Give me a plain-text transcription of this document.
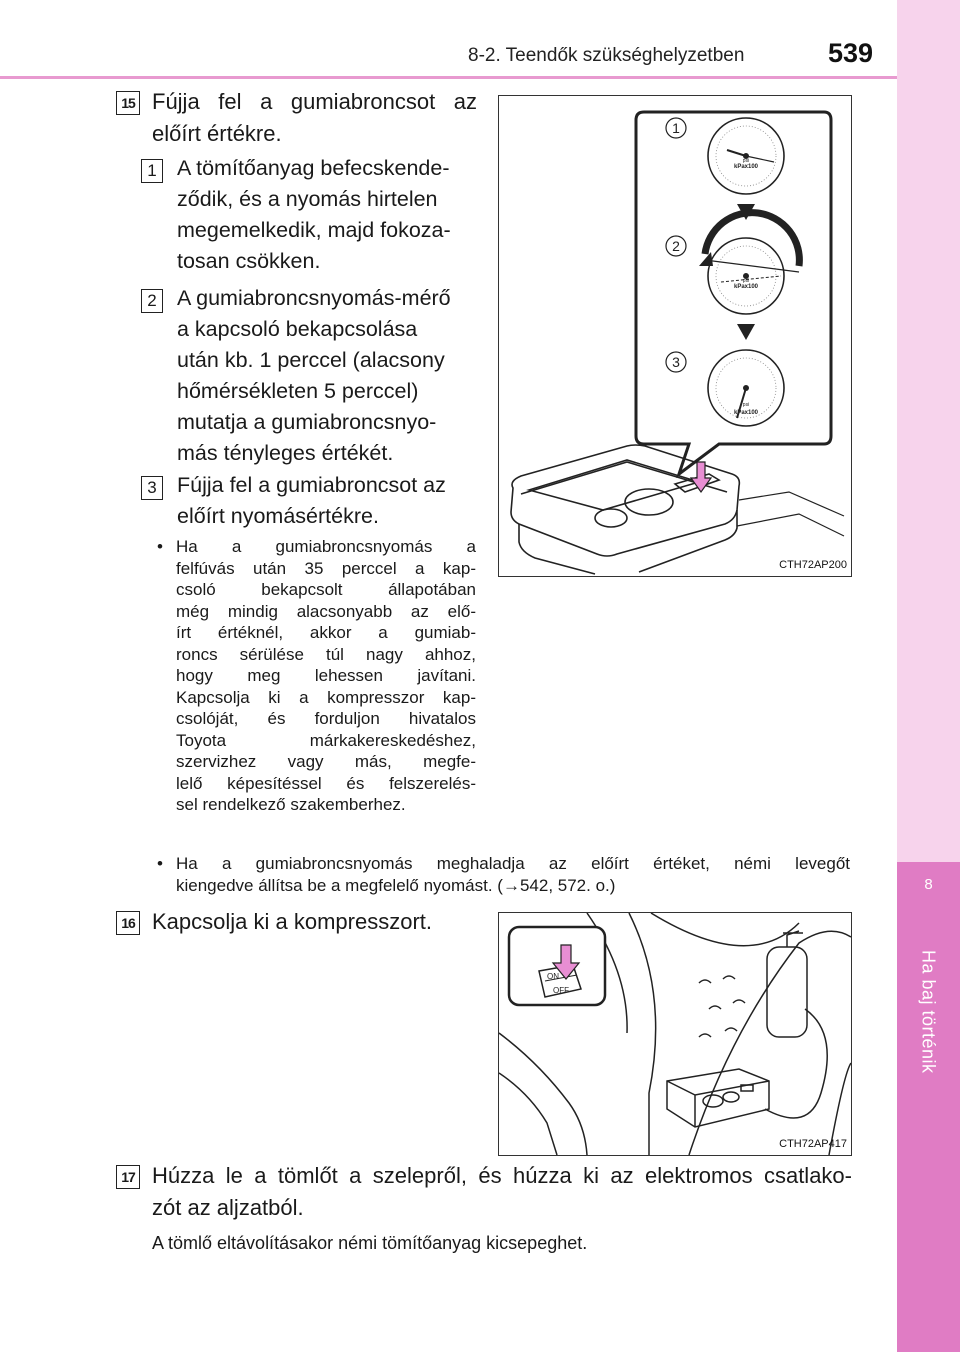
8-2. Teendők szükséghelyzetben	539
8
Ha baj történik
15 Fújja fel a gumiabroncsot az
előírt értékre.
1 A tömítőanyag befecskende-
ződik, és a nyomás hirtelen
megemelkedik, majd fokoza-
tosan csökken.
2 A gumiabroncsnyomás-mérő
a kapcsoló bekapcsolása
után kb. 1 perccel (alacsony
hőmérsékleten 5 perccel)
mutatja a gumiabroncsnyo-
más tényleges értékét.
3 Fújja fel a gumiabroncsot az
előírt nyomásértékre.
• Ha a gumiabroncsnyomás a
felfúvás után 35 perccel a kap-
csoló bekapcsolt állapotában
még mindig alacsonyabb az elő-
írt értéknél, akkor a gumiab-
roncs sérülése túl nagy ahhoz,
hogy meg lehessen javítani.
Kapcsolja ki a kompresszor kap-
csolóját, és forduljon hivatalos
Toyota márkakereskedéshez,
szervizhez vagy más, megfe-
lelő képesítéssel és felszerelés-
sel rendelkező szakemberhez.
• Ha a gumiabroncsnyomás meghaladja az előírt értéket, némi levegőt
kiengedve állítsa be a megfelelő nyomást. (→542, 572. o.)
1
2
3
kPax100
kPax100
kPax100
psi
psi
psi
CTH72AP200
16 Kapcsolja ki a kompresszort.
ON
OFF
CTH72AP417
17 Húzza le a tömlőt a szelepről, és húzza ki az elektromos csatlako-
zót az aljzatból.
A tömlő eltávolításakor némi tömítőanyag kicsepeghet.
